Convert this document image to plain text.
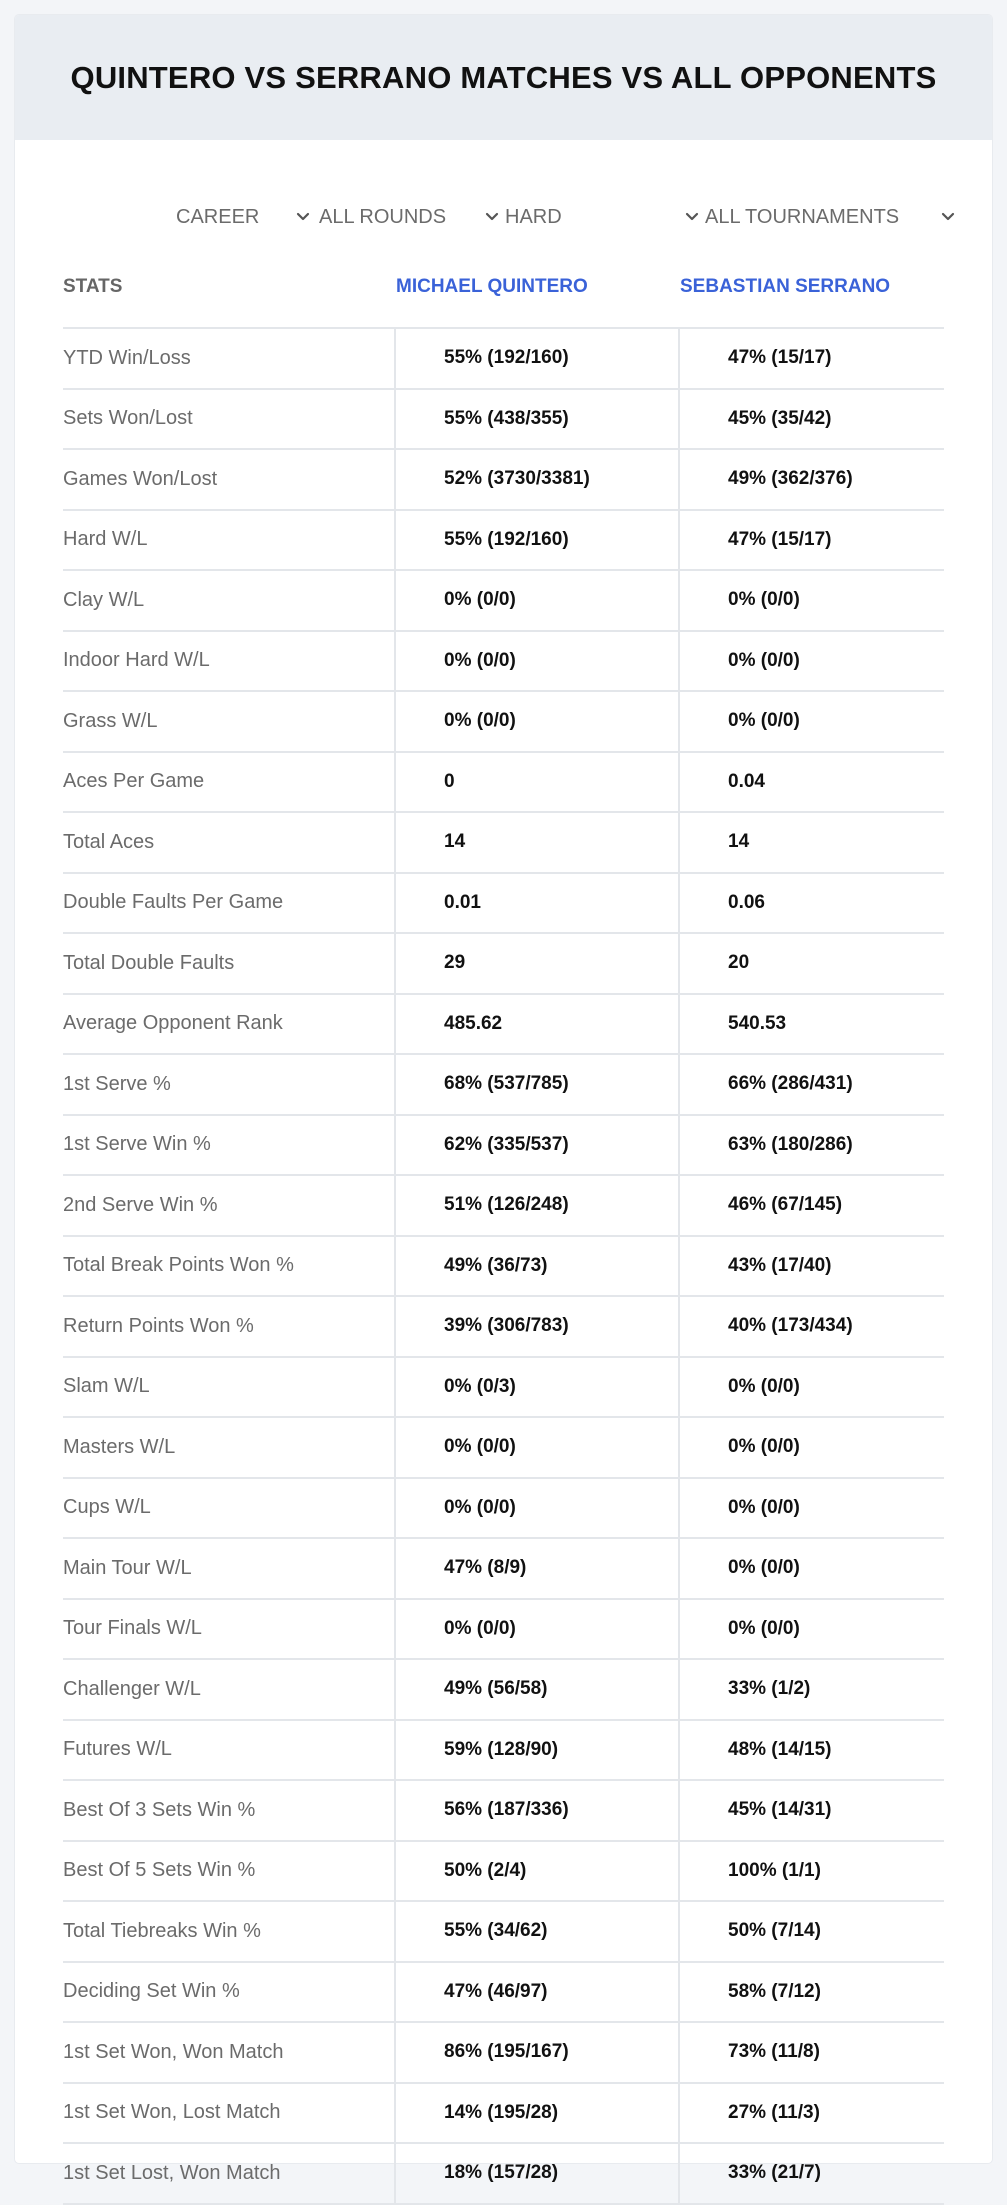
QUINTERO VS SERRANO MATCHES VS ALL OPPONENTS
CAREER	ALL ROUNDS	HARD	ALL TOURNAMENTS
STATS	MICHAEL QUINTERO	SEBASTIAN SERRANO
YTD Win/Loss	55% (192/160)	47% (15/17)
Sets Won/Lost	55% (438/355)	45% (35/42)
Games Won/Lost	52% (3730/3381)	49% (362/376)
Hard W/L	55% (192/160)	47% (15/17)
Clay W/L	0% (0/0)	0% (0/0)
Indoor Hard W/L	0% (0/0)	0% (0/0)
Grass W/L	0% (0/0)	0% (0/0)
Aces Per Game	0	0.04
Total Aces	14	14
Double Faults Per Game	0.01	0.06
Total Double Faults	29	20
Average Opponent Rank	485.62	540.53
1st Serve %	68% (537/785)	66% (286/431)
1st Serve Win %	62% (335/537)	63% (180/286)
2nd Serve Win %	51% (126/248)	46% (67/145)
Total Break Points Won %	49% (36/73)	43% (17/40)
Return Points Won %	39% (306/783)	40% (173/434)
Slam W/L	0% (0/3)	0% (0/0)
Masters W/L	0% (0/0)	0% (0/0)
Cups W/L	0% (0/0)	0% (0/0)
Main Tour W/L	47% (8/9)	0% (0/0)
Tour Finals W/L	0% (0/0)	0% (0/0)
Challenger W/L	49% (56/58)	33% (1/2)
Futures W/L	59% (128/90)	48% (14/15)
Best Of 3 Sets Win %	56% (187/336)	45% (14/31)
Best Of 5 Sets Win %	50% (2/4)	100% (1/1)
Total Tiebreaks Win %	55% (34/62)	50% (7/14)
Deciding Set Win %	47% (46/97)	58% (7/12)
1st Set Won, Won Match	86% (195/167)	73% (11/8)
1st Set Won, Lost Match	14% (195/28)	27% (11/3)
1st Set Lost, Won Match	18% (157/28)	33% (21/7)
